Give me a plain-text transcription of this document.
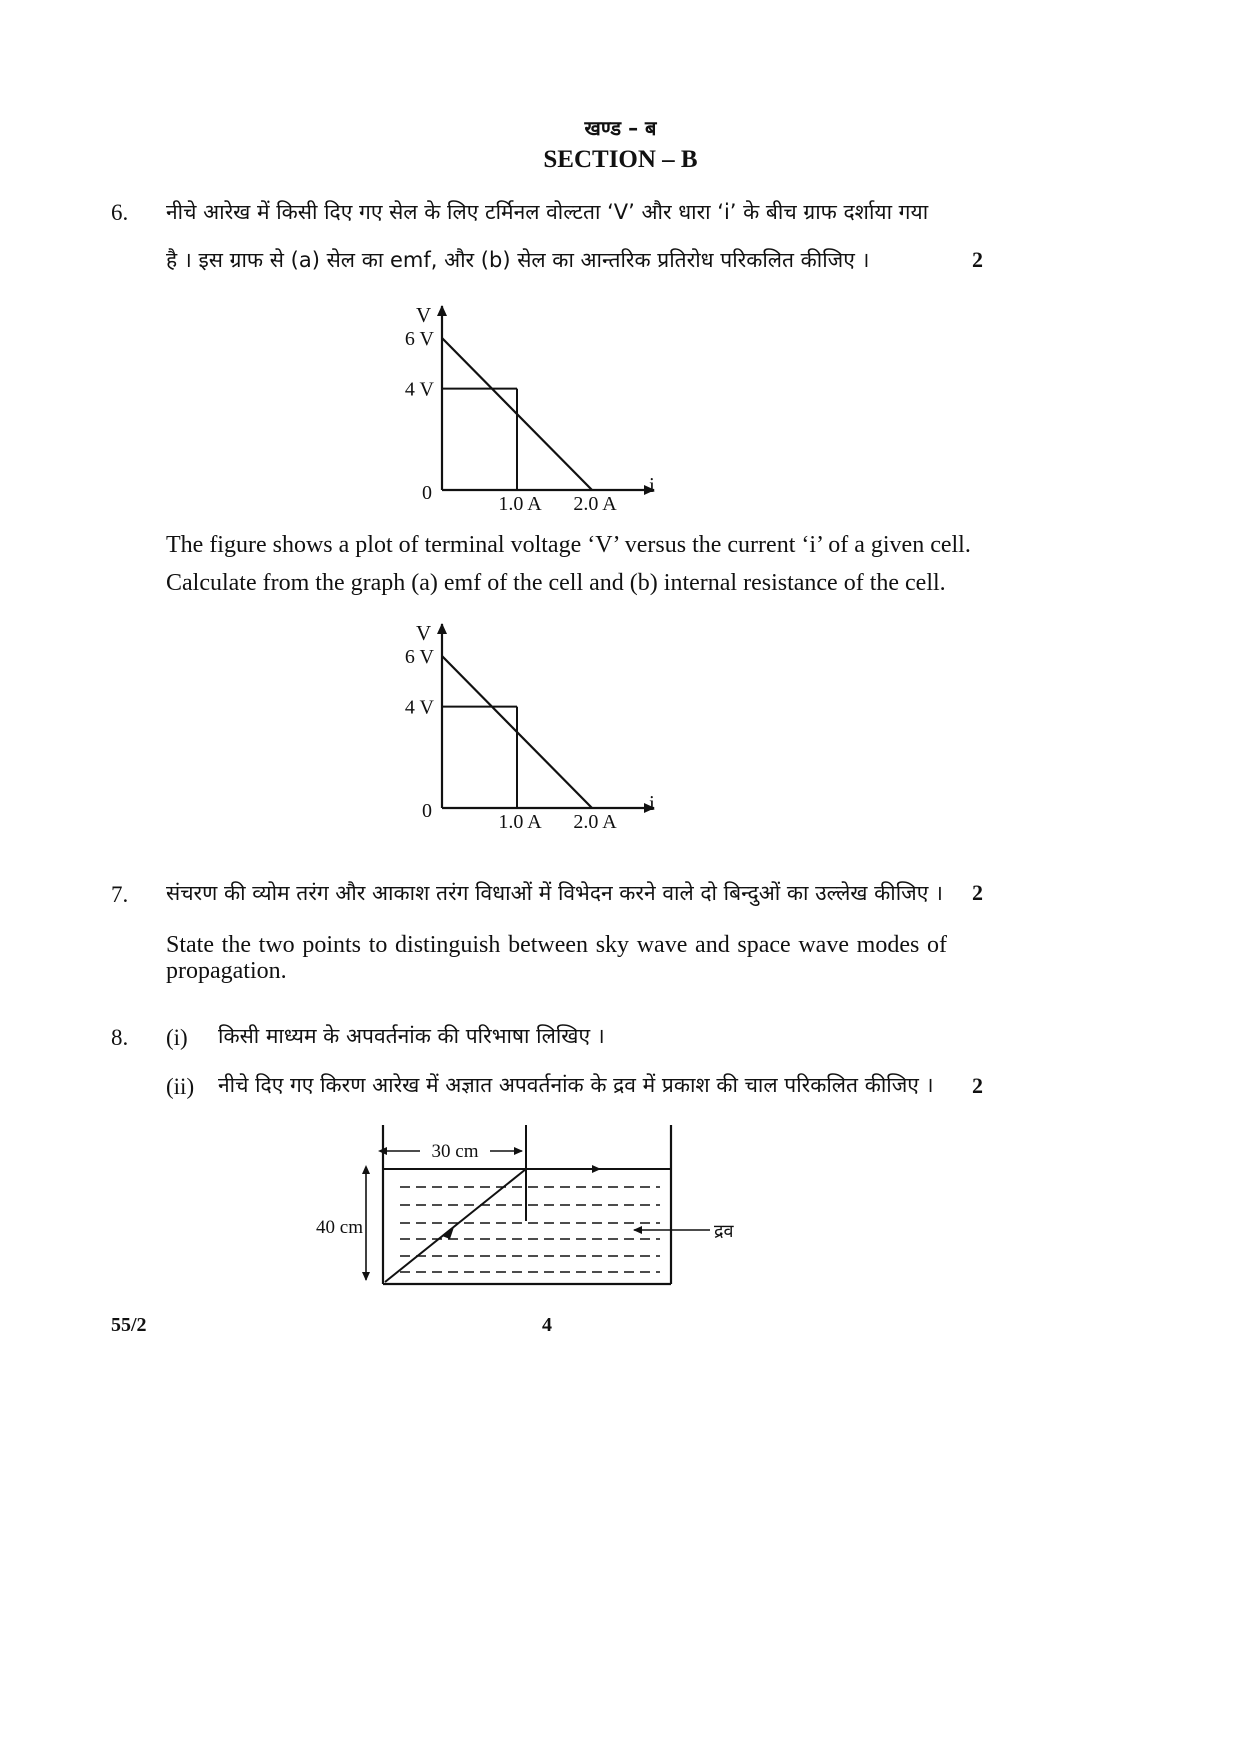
खण्ड – ब
SECTION – B
6. नीचे आरेख में किसी दिए गए सेल के लिए टर्मिनल वोल्टता ‘V’ और धारा ‘i’ के बीच ग्राफ दर्शाया गया
है । इस ग्राफ से (a) सेल का emf, और (b) सेल का आन्तरिक प्रतिरोध परिकलित कीजिए ।	2
V
i
0
6 V
4 V
1.0 A 2.0 A
The figure shows a plot of terminal voltage ‘V’ versus the current ‘i’ of a given cell.
Calculate from the graph (a) emf of the cell and (b) internal resistance of the cell.
V
i
0
6 V
4 V
1.0 A 2.0 A
7. संचरण की व्योम तरंग और आकाश तरंग विधाओं में विभेदन करने वाले दो बिन्दुओं का उल्लेख कीजिए । 2
State the two points to distinguish between sky wave and space wave modes of
propagation.
8. (i) किसी माध्यम के अपवर्तनांक की परिभाषा लिखिए ।
(ii) नीचे दिए गए किरण आरेख में अज्ञात अपवर्तनांक के द्रव में प्रकाश की चाल परिकलित कीजिए । 2
30 cm
40 cm	द्रव
55/2	4
